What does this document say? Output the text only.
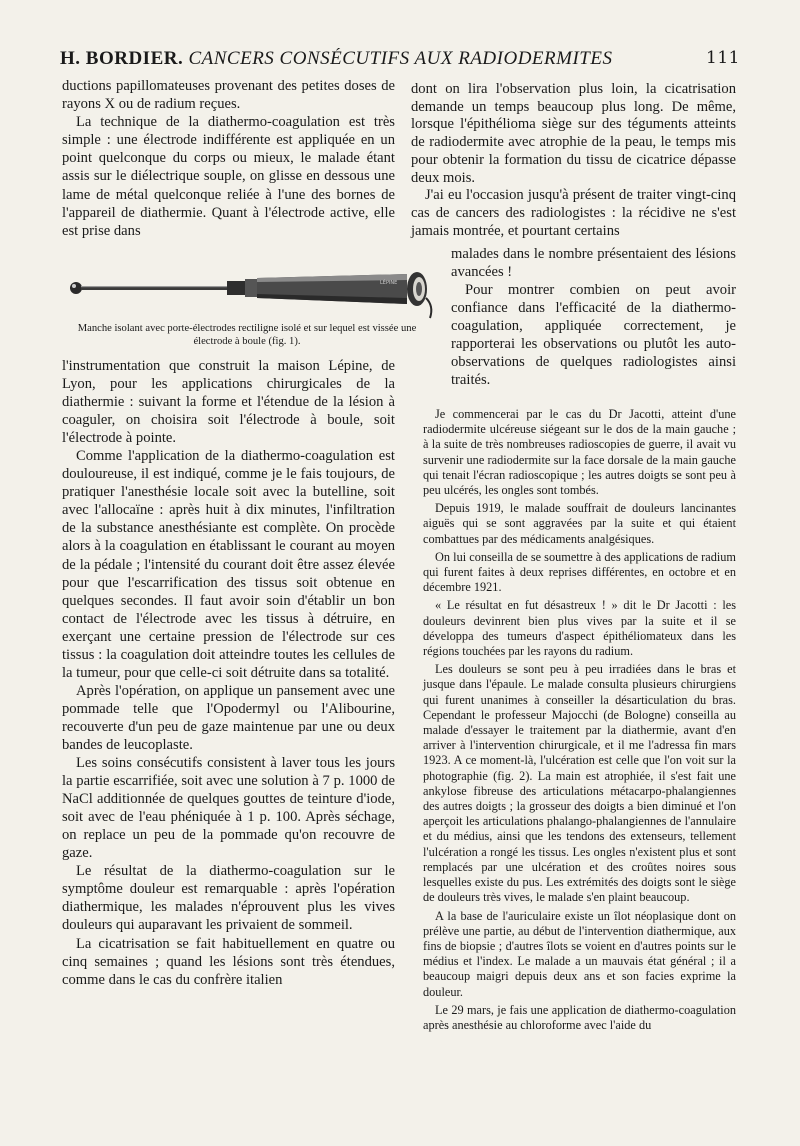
H. BORDIER. CANCERS CONSÉCUTIFS AUX RADIODERMITES	111

ductions papillomateuses provenant des petites doses de rayons X ou de radium reçues.

La technique de la diathermo-coagulation est très simple : une électrode indifférente est appliquée en un point quelconque du corps ou mieux, le malade étant assis sur le diélectrique souple, on glisse en dessous une lame de métal quelconque reliée à l'une des bornes de l'appareil de diathermie. Quant à l'électrode active, elle est prise dans

LÉPINE
Manche isolant avec porte-électrodes rectiligne isolé et sur lequel est vissée une électrode à boule (fig. 1).

l'instrumentation que construit la maison Lépine, de Lyon, pour les applications chirurgicales de la diathermie : suivant la forme et l'étendue de la lésion à coaguler, on choisira soit l'électrode à boule, soit l'électrode à pointe.

Comme l'application de la diathermo-coagulation est douloureuse, il est indiqué, comme je le fais toujours, de pratiquer l'anesthésie locale soit avec la butelline, soit avec l'allocaïne : après huit à dix minutes, l'infiltration de la substance anesthésiante est complète. On procède alors à la coagulation en établissant le courant au moyen de la pédale ; l'intensité du courant doit être assez élevée pour que l'escarrification des tissus soit obtenue en quelques secondes. Il faut avoir soin d'établir un bon contact de l'électrode avec les tissus à détruire, en exerçant une certaine pression de l'électrode sur ces tissus : la coagulation doit atteindre toutes les cellules de la tumeur, pour que celle-ci soit détruite dans sa totalité.

Après l'opération, on applique un pansement avec une pommade telle que l'Opodermyl ou l'Alibourine, recouverte d'un peu de gaze maintenue par une ou deux bandes de leucoplaste.

Les soins consécutifs consistent à laver tous les jours la partie escarrifiée, soit avec une solution à 7 p. 1000 de NaCl additionnée de quelques gouttes de teinture d'iode, soit avec de l'eau phéniquée à 1 p. 100. Après séchage, on replace un peu de la pommade qu'on recouvre de gaze.

Le résultat de la diathermo-coagulation sur le symptôme douleur est remarquable : après l'opération diathermique, les malades n'éprouvent plus les vives douleurs qui auparavant les privaient de sommeil.

La cicatrisation se fait habituellement en quatre ou cinq semaines ; quand les lésions sont très étendues, comme dans le cas du confrère italien

dont on lira l'observation plus loin, la cicatrisation demande un temps beaucoup plus long. De même, lorsque l'épithélioma siège sur des téguments atteints de radiodermite avec atrophie de la peau, le temps mis pour obtenir la formation du tissu de cicatrice dépasse deux mois.

J'ai eu l'occasion jusqu'à présent de traiter vingt-cinq cas de cancers des radiologistes : la récidive ne s'est jamais montrée, et pourtant certains

malades dans le nombre présentaient des lésions avancées !

Pour montrer combien on peut avoir confiance dans l'efficacité de la diathermo-coagulation, appliquée correctement, je rapporterai les observations ou plutôt les auto-observations de quelques radiologistes ainsi traités.

Je commencerai par le cas du Dr Jacotti, atteint d'une radiodermite ulcéreuse siégeant sur le dos de la main gauche ; à la suite de très nombreuses radioscopies de guerre, il avait vu survenir une radiodermite sur la face dorsale de la main gauche qui tenait l'écran radioscopique ; les autres doigts se sont peu à peu ulcérés, les ongles sont tombés.

Depuis 1919, le malade souffrait de douleurs lancinantes aiguës qui se sont aggravées par la suite et qui étaient combattues par des médicaments analgésiques.

On lui conseilla de se soumettre à des applications de radium qui furent faites à deux reprises différentes, en octobre et en décembre 1921.

« Le résultat en fut désastreux ! » dit le Dr Jacotti : les douleurs devinrent bien plus vives par la suite et il se développa des tumeurs d'aspect épithéliomateux dans les régions touchées par les rayons du radium.

Les douleurs se sont peu à peu irradiées dans le bras et jusque dans l'épaule. Le malade consulta plusieurs chirurgiens qui furent unanimes à conseiller la désarticulation du bras. Cependant le professeur Majocchi (de Bologne) conseilla au malade d'essayer le traitement par la diathermie, avant d'en arriver à l'intervention chirurgicale, et il me l'adressa fin mars 1923. A ce moment-là, l'ulcération est celle que l'on voit sur la photographie (fig. 2). La main est atrophiée, il s'est fait une ankylose fibreuse des articulations métacarpo-phalangiennes des autres doigts ; la grosseur des doigts a bien diminué et l'on aperçoit les articulations phalango-phalangiennes de l'annulaire et du médius, ainsi que les tendons des extenseurs, tellement l'ulcération a rongé les tissus. Les ongles n'existent plus et sont remplacés par une ulcération et des croûtes noires sous lesquelles existe du pus. Les extrémités des doigts sont le siège de douleurs très vives, le malade s'en plaint beaucoup.

A la base de l'auriculaire existe un îlot néoplasique dont on prélève une partie, au début de l'intervention diathermique, aux fins de biopsie ; d'autres îlots se voient en d'autres points sur le médius et l'index. Le malade a un mauvais état général ; il a beaucoup maigri depuis deux ans et son facies exprime la douleur.

Le 29 mars, je fais une application de diathermo-coagulation après anesthésie au chloroforme avec l'aide du
